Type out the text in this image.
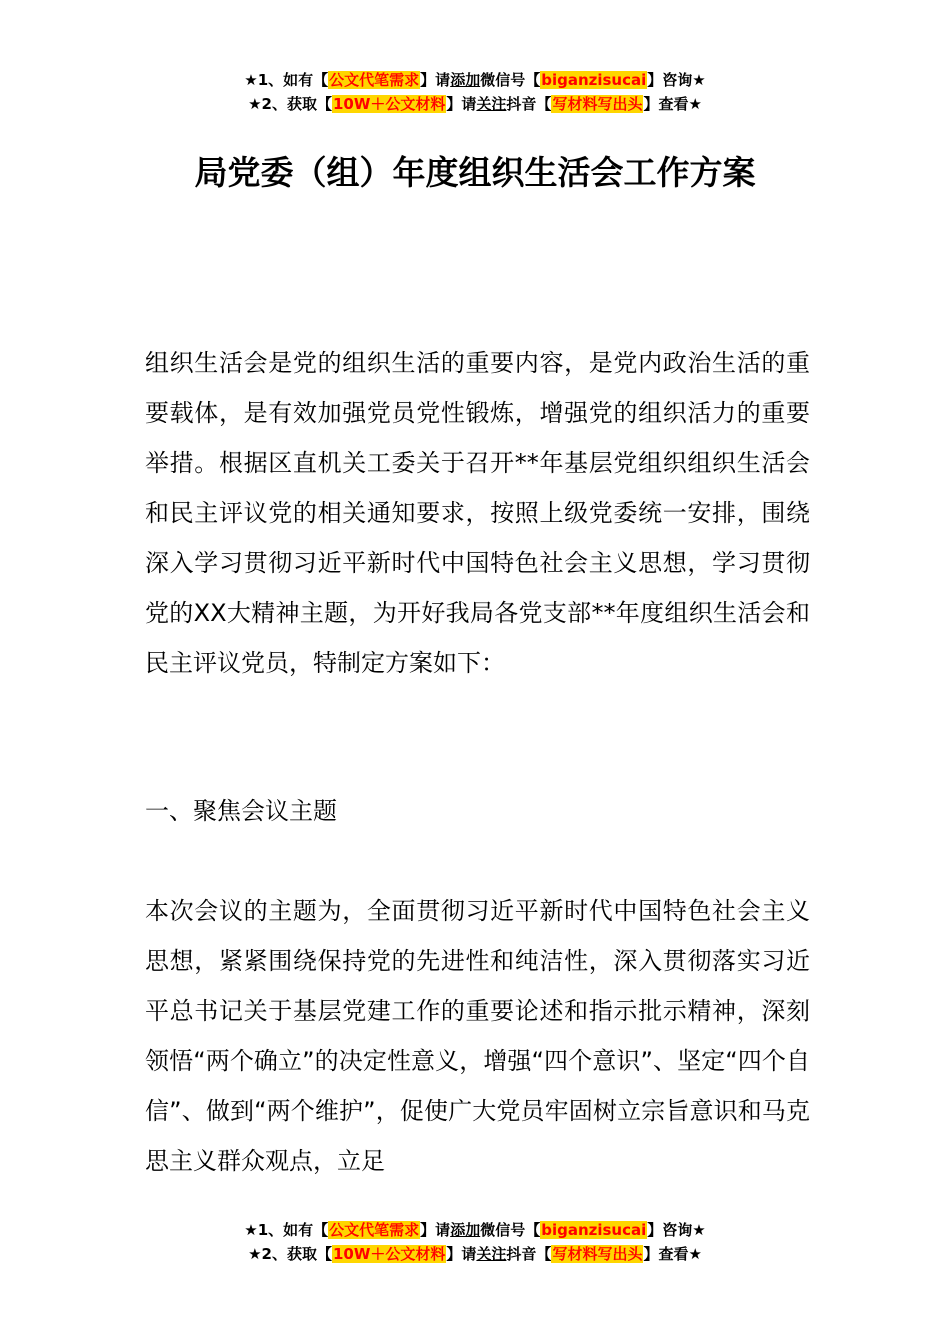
★1、如有【公文代笔需求】请添加微信号【biganzisucai】咨询★
★2、获取【10W＋公文材料】请关注抖音【写材料写出头】查看★
局党委（组）年度组织生活会工作方案

组织生活会是党的组织生活的重要内容，是党内政治生活的重要载体，是有效加强党员党性锻炼，增强党的组织活力的重要举措。根据区直机关工委关于召开**年基层党组织组织生活会和民主评议党的相关通知要求，按照上级党委统一安排，围绕深入学习贯彻习近平新时代中国特色社会主义思想，学习贯彻党的XX大精神主题，为开好我局各党支部**年度组织生活会和民主评议党员，特制定方案如下：

一、聚焦会议主题

本次会议的主题为，全面贯彻习近平新时代中国特色社会主义思想，紧紧围绕保持党的先进性和纯洁性，深入贯彻落实习近平总书记关于基层党建工作的重要论述和指示批示精神，深刻领悟“两个确立”的决定性意义，增强“四个意识”、坚定“四个自信”、做到“两个维护”，促使广大党员牢固树立宗旨意识和马克思主义群众观点，立足

★1、如有【公文代笔需求】请添加微信号【biganzisucai】咨询★
★2、获取【10W＋公文材料】请关注抖音【写材料写出头】查看★
